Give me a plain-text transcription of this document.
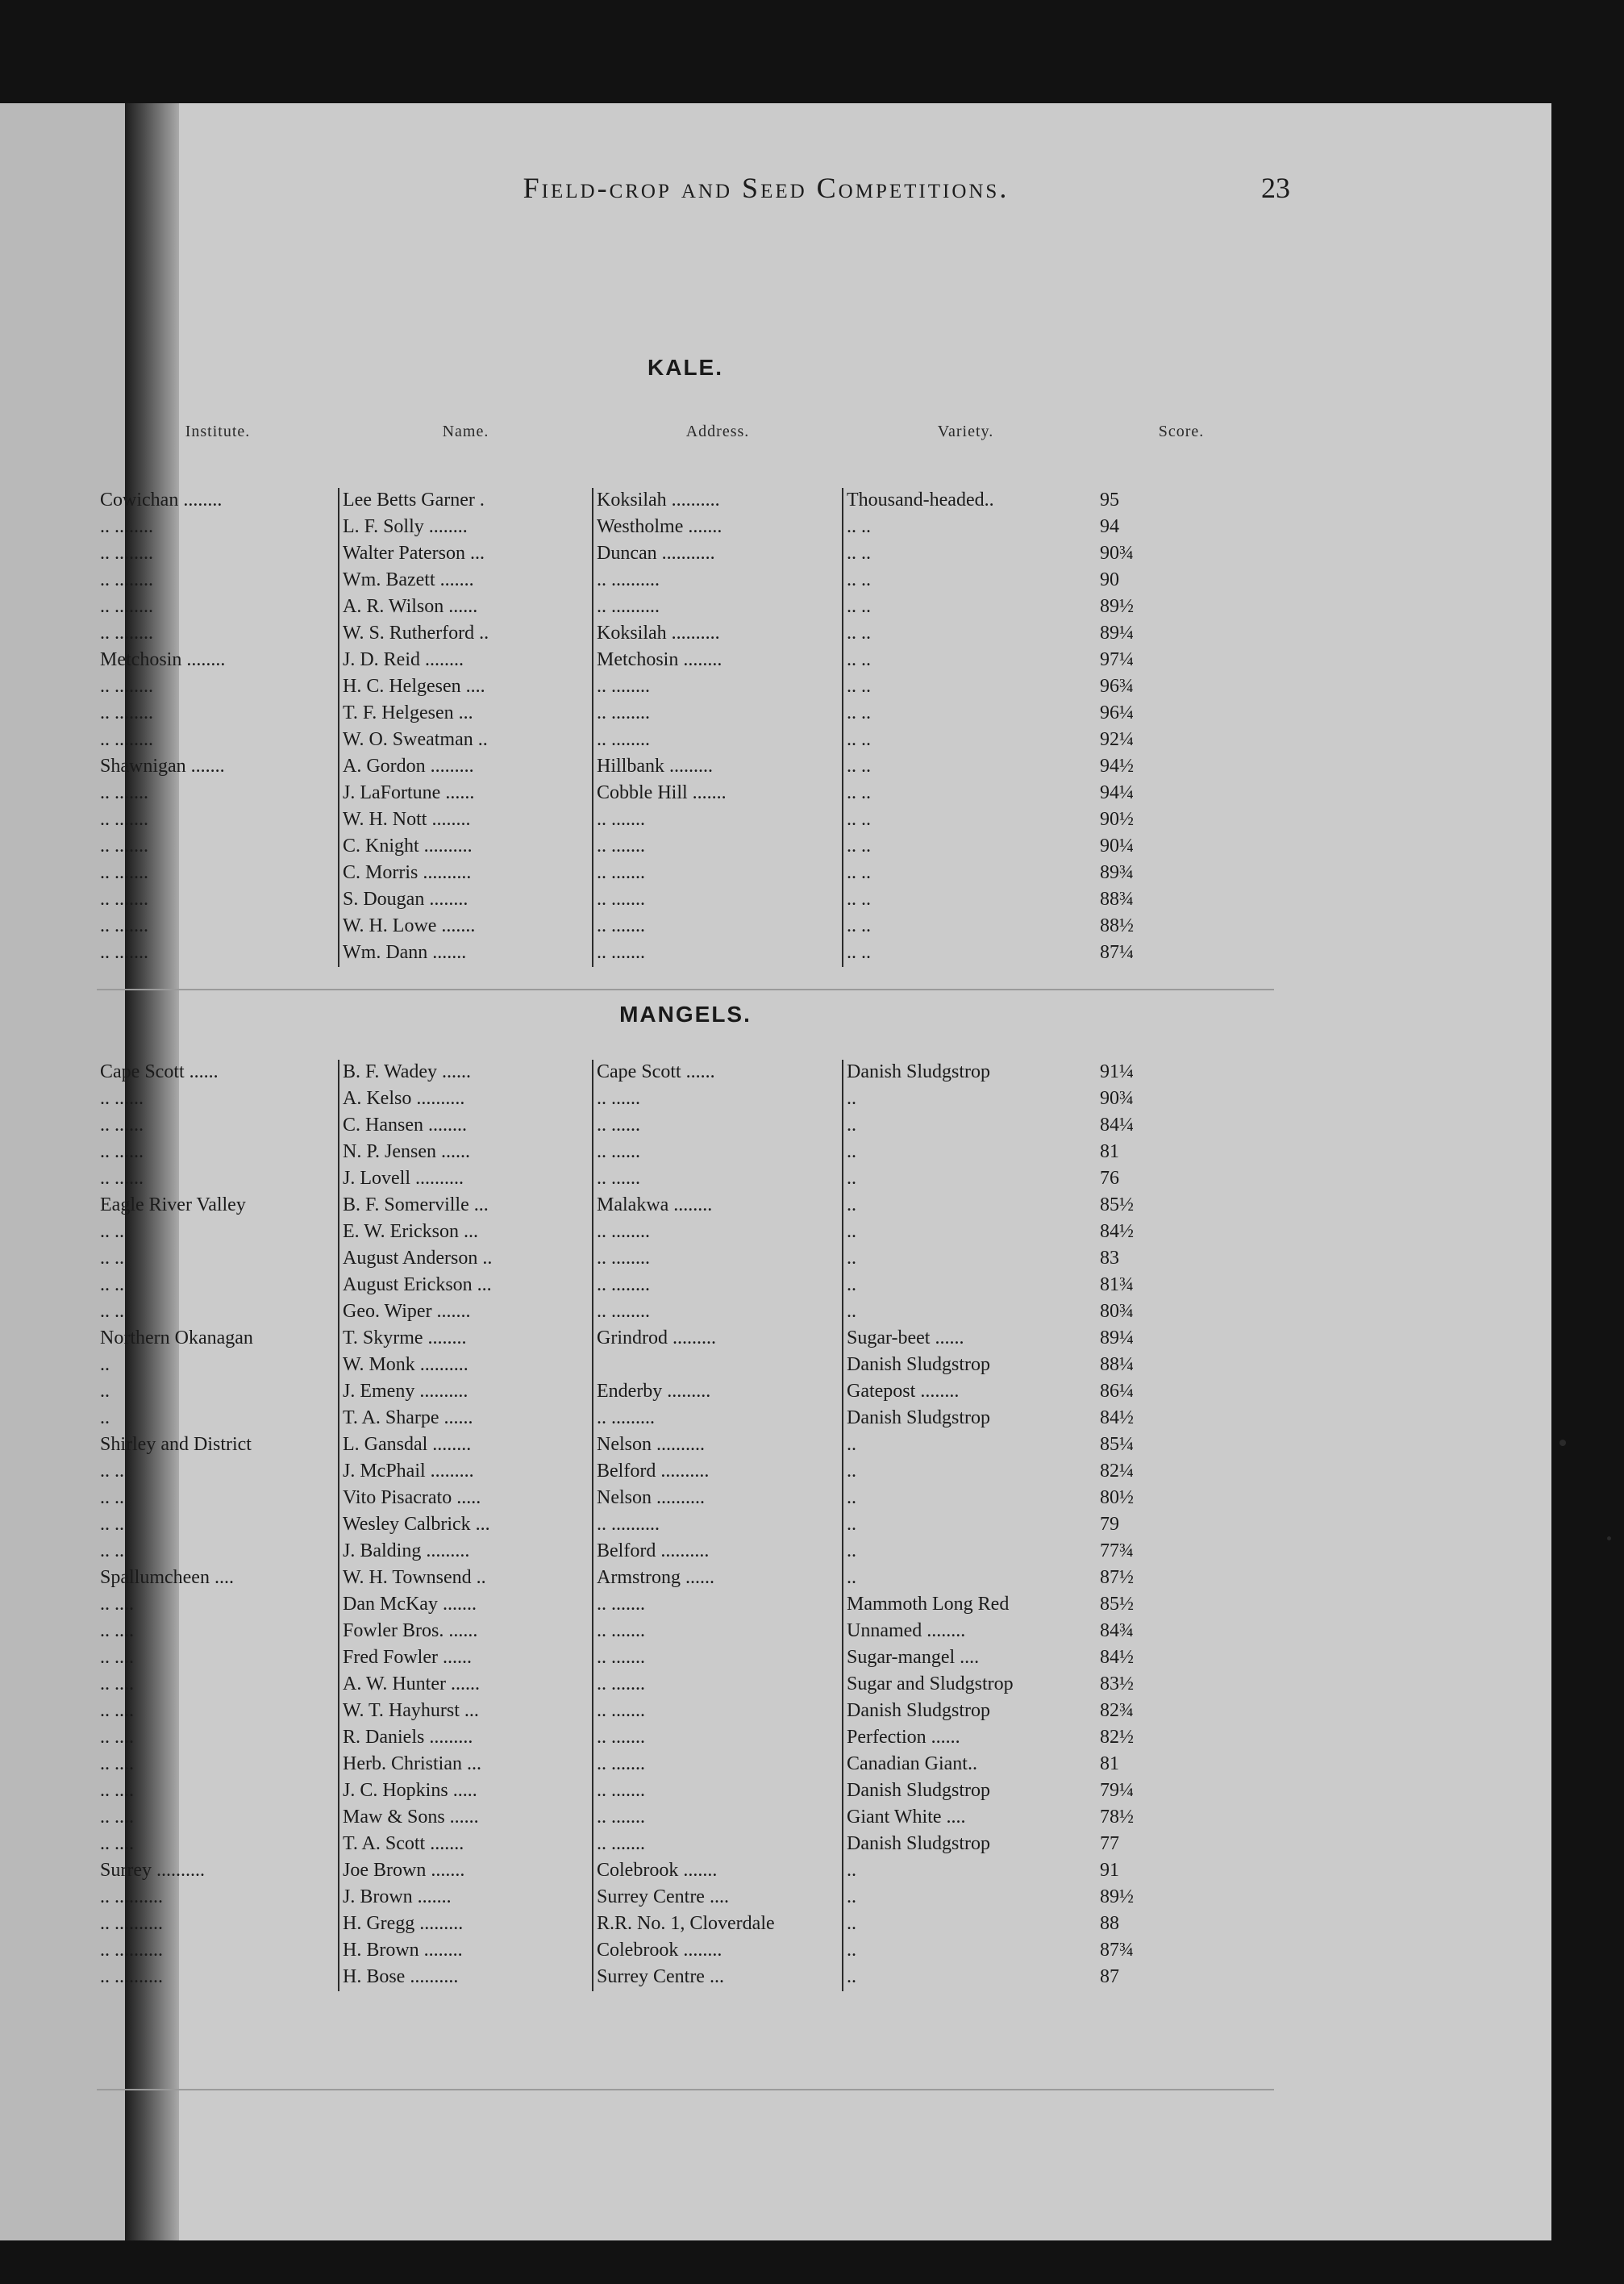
Field-crop and Seed Competitions.	23
KALE.
Institute.	Name.	Address.	Variety.	Score.
Cowichan ........	Lee Betts Garner .	Koksilah ..........	Thousand-headed..	95
.. ........	L. F. Solly ........	Westholme .......	.. ..	94
.. ........	Walter Paterson ...	Duncan ...........	.. ..	90¾
.. ........	Wm. Bazett .......	.. ..........	.. ..	90
.. ........	A. R. Wilson ......	.. ..........	.. ..	89½
.. ........	W. S. Rutherford ..	Koksilah ..........	.. ..	89¼
Metchosin ........	J. D. Reid ........	Metchosin ........	.. ..	97¼
.. ........	H. C. Helgesen ....	.. ........	.. ..	96¾
.. ........	T. F. Helgesen ...	.. ........	.. ..	96¼
.. ........	W. O. Sweatman ..	.. ........	.. ..	92¼
Shawnigan .......	A. Gordon .........	Hillbank .........	.. ..	94½
.. .......	J. LaFortune ......	Cobble Hill .......	.. ..	94¼
.. .......	W. H. Nott ........	.. .......	.. ..	90½
.. .......	C. Knight ..........	.. .......	.. ..	90¼
.. .......	C. Morris ..........	.. .......	.. ..	89¾
.. .......	S. Dougan ........	.. .......	.. ..	88¾
.. .......	W. H. Lowe .......	.. .......	.. ..	88½
.. .......	Wm. Dann .......	.. .......	.. ..	87¼
MANGELS.
Cape Scott ......	B. F. Wadey ......	Cape Scott ......	Danish Sludgstrop	91¼
.. ......	A. Kelso ..........	.. ......	..	90¾
.. ......	C. Hansen ........	.. ......	..	84¼
.. ......	N. P. Jensen ......	.. ......	..	81
.. ......	J. Lovell ..........	.. ......	..	76
Eagle River Valley	B. F. Somerville ...	Malakwa ........	..	85½
.. ..	E. W. Erickson ...	.. ........	..	84½
.. ..	August Anderson ..	.. ........	..	83
.. ..	August Erickson ...	.. ........	..	81¾
.. ..	Geo. Wiper .......	.. ........	..	80¾
Northern Okanagan	T. Skyrme ........	Grindrod .........	Sugar-beet ......	89¼
..	W. Monk ..........		Danish Sludgstrop	88¼
..	J. Emeny ..........	Enderby .........	Gatepost ........	86¼
..	T. A. Sharpe ......	.. .........	Danish Sludgstrop	84½
Shirley and District	L. Gansdal ........	Nelson ..........	..	85¼
.. ..	J. McPhail .........	Belford ..........	..	82¼
.. ..	Vito Pisacrato .....	Nelson ..........	..	80½
.. ..	Wesley Calbrick ...	.. ..........	..	79
.. ..	J. Balding .........	Belford ..........	..	77¾
Spallumcheen ....	W. H. Townsend ..	Armstrong ......	..	87½
.. ....	Dan McKay .......	.. .......	Mammoth Long Red	85½
.. ....	Fowler Bros. ......	.. .......	Unnamed ........	84¾
.. ....	Fred Fowler ......	.. .......	Sugar-mangel ....	84½
.. ....	A. W. Hunter ......	.. .......	Sugar and Sludgstrop	83½
.. ....	W. T. Hayhurst ...	.. .......	Danish Sludgstrop	82¾
.. ....	R. Daniels .........	.. .......	Perfection ......	82½
.. ....	Herb. Christian ...	.. .......	Canadian Giant..	81
.. ....	J. C. Hopkins .....	.. .......	Danish Sludgstrop	79¼
.. ....	Maw & Sons ......	.. .......	Giant White ....	78½
.. ....	T. A. Scott .......	.. .......	Danish Sludgstrop	77
Surrey ..........	Joe Brown .......	Colebrook .......	..	91
.. ..........	J. Brown .......	Surrey Centre ....	..	89½
.. ..........	H. Gregg .........	R.R. No. 1, Cloverdale	..	88
.. ..........	H. Brown ........	Colebrook ........	..	87¾
.. ..........	H. Bose ..........	Surrey Centre ...	..	87
